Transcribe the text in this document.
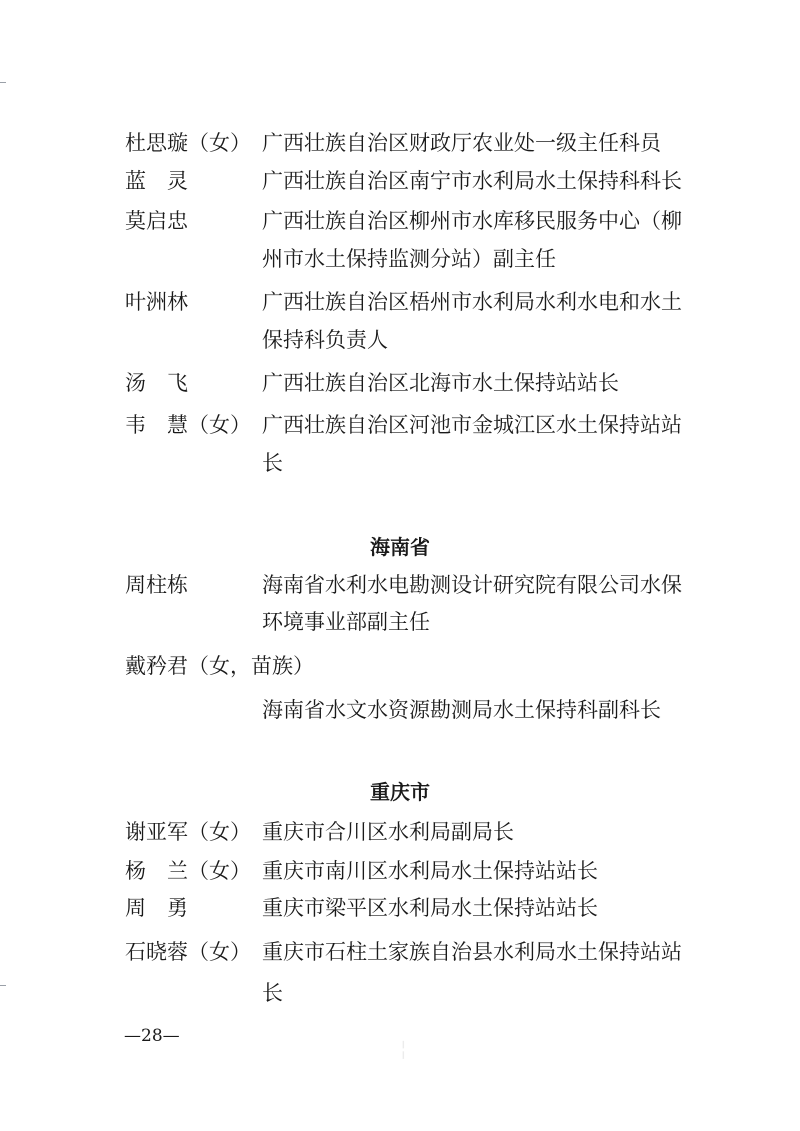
杜思璇（女） 广西壮族自治区财政厅农业处一级主任科员
蓝　灵	广西壮族自治区南宁市水利局水土保持科科长
莫启忠	广西壮族自治区柳州市水库移民服务中心（柳
州市水土保持监测分站）副主任
叶洲林	广西壮族自治区梧州市水利局水利水电和水土
保持科负责人
汤　飞	广西壮族自治区北海市水土保持站站长
韦　慧（女） 广西壮族自治区河池市金城江区水土保持站站
长
海南省
周柱栋	海南省水利水电勘测设计研究院有限公司水保
环境事业部副主任
戴矜君（女，苗族）
海南省水文水资源勘测局水土保持科副科长
重庆市
谢亚军（女） 重庆市合川区水利局副局长
杨　兰（女） 重庆市南川区水利局水土保持站站长
周　勇	重庆市梁平区水利局水土保持站站长
石晓蓉（女） 重庆市石柱土家族自治县水利局水土保持站站
长
—28—
╎
